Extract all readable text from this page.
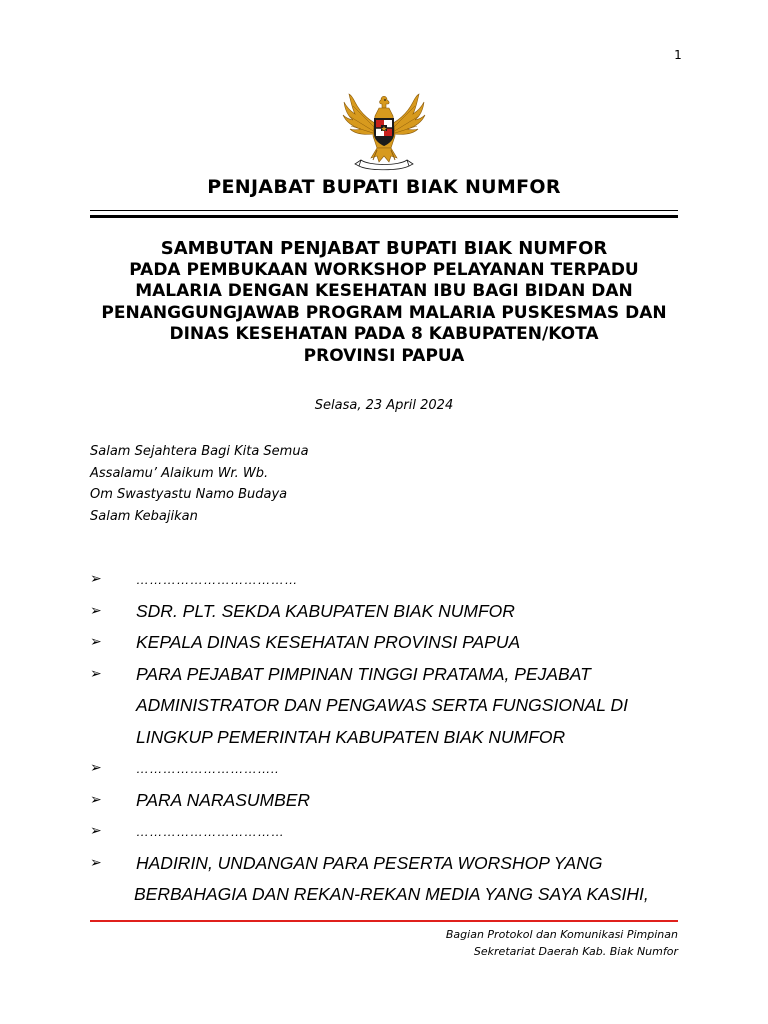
1
PENJABAT BUPATI BIAK NUMFOR
SAMBUTAN PENJABAT BUPATI BIAK NUMFOR
PADA PEMBUKAAN WORKSHOP PELAYANAN TERPADU
MALARIA DENGAN KESEHATAN IBU BAGI BIDAN DAN
PENANGGUNGJAWAB PROGRAM MALARIA PUSKESMAS DAN
DINAS KESEHATAN PADA 8 KABUPATEN/KOTA
PROVINSI PAPUA
Selasa, 23 April 2024
Salam Sejahtera Bagi Kita Semua
Assalamu’ Alaikum Wr. Wb.
Om Swastyastu Namo Budaya
Salam Kebajikan
➢	………………………………
➢ SDR. PLT. SEKDA KABUPATEN BIAK NUMFOR
➢ KEPALA DINAS KESEHATAN PROVINSI PAPUA
➢ PARA PEJABAT PIMPINAN TINGGI PRATAMA, PEJABAT
ADMINISTRATOR DAN PENGAWAS SERTA FUNGSIONAL DI
LINGKUP PEMERINTAH KABUPATEN BIAK NUMFOR
➢	…………………………..
➢ PARA NARASUMBER
➢	……………………………
➢ HADIRIN, UNDANGAN PARA PESERTA WORSHOP YANG
BERBAHAGIA DAN REKAN-REKAN MEDIA YANG SAYA KASIHI,
Bagian Protokol dan Komunikasi Pimpinan
Sekretariat Daerah Kab. Biak Numfor
